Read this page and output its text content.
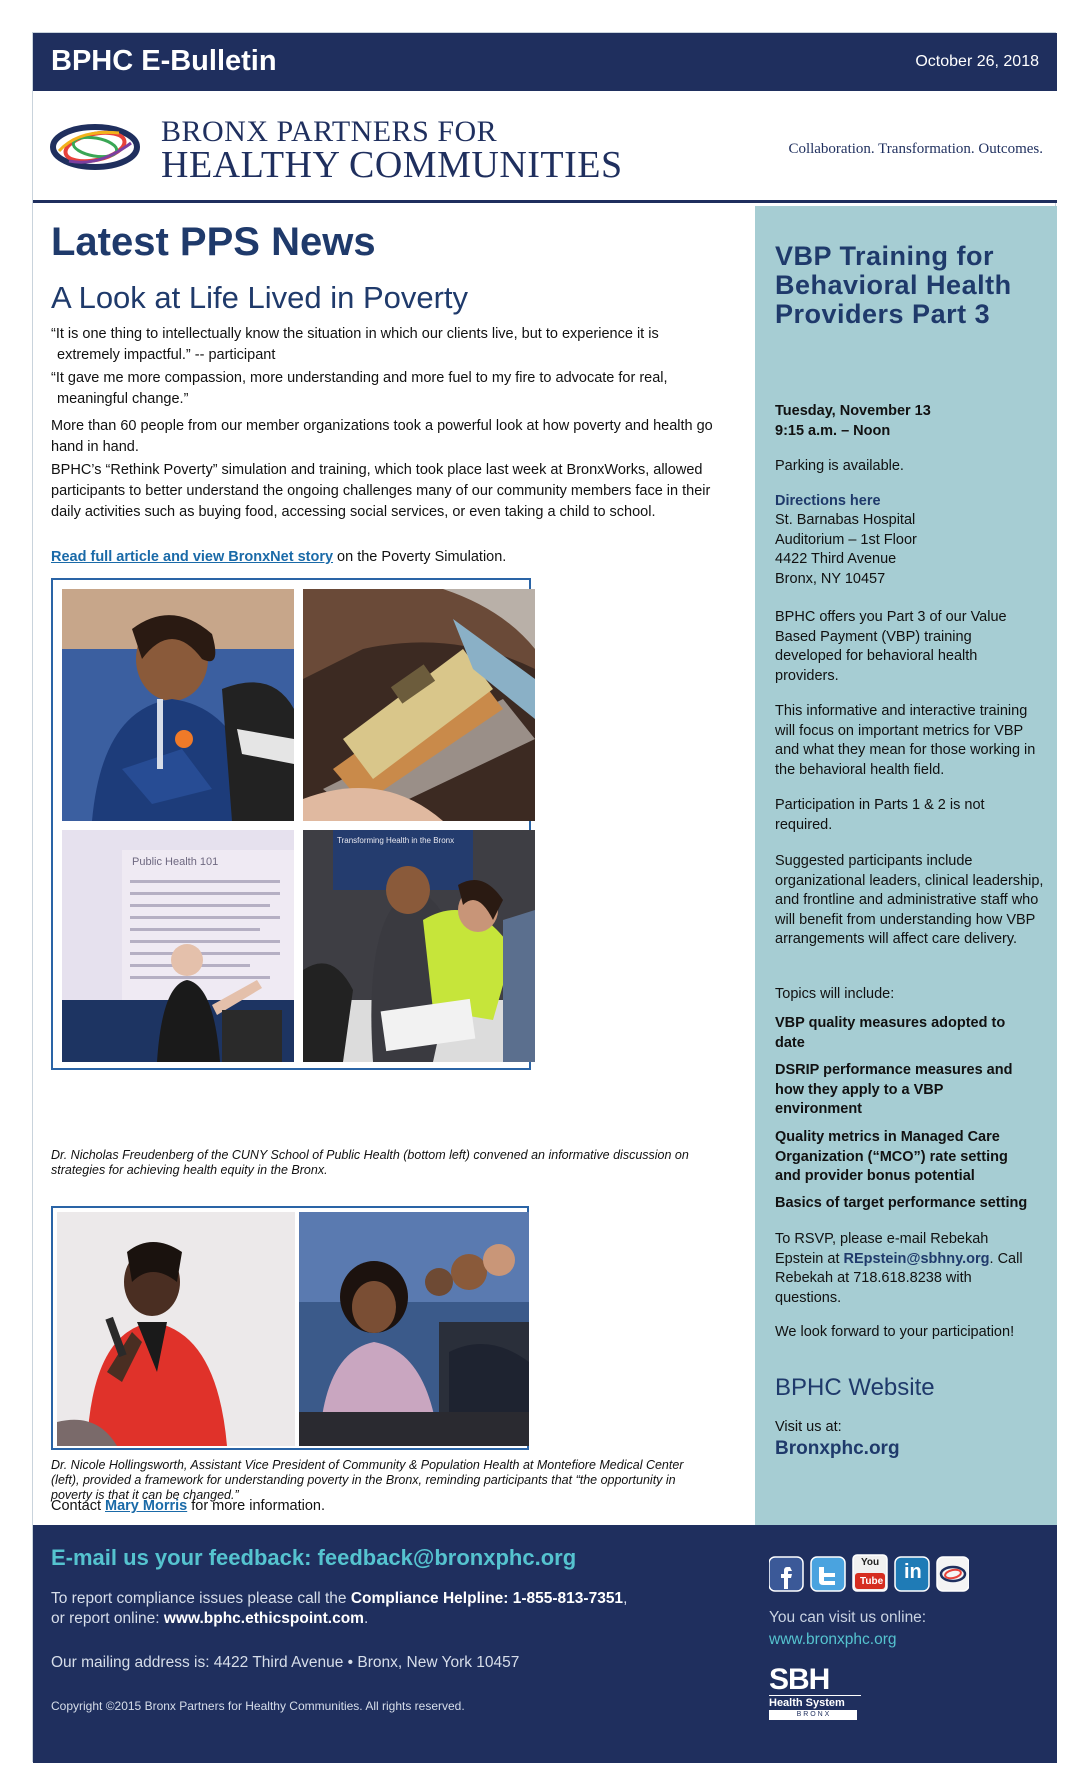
BPHC E-Bulletin	October 26, 2018
BRONX PARTNERS FOR
HEALTHY COMMUNITIES	Collaboration. Transformation. Outcomes.
Latest PPS News
A Look at Life Lived in Poverty
“It is one thing to intellectually know the situation in which our clients live, but to experience it is
extremely impactful.” -- participant
“It gave me more compassion, more understanding and more fuel to my fire to advocate for real,
meaningful change.”
More than 60 people from our member organizations took a powerful look at how poverty and health go hand in hand.
BPHC’s “Rethink Poverty” simulation and training, which took place last week at BronxWorks, allowed participants to better understand the ongoing challenges many of our community members face in their daily activities such as buying food, accessing social services, or even taking a child to school.
Read full article and view BronxNet story on the Poverty Simulation.
Public Health 101
Transforming Health in the Bronx
Dr. Nicholas Freudenberg of the CUNY School of Public Health (bottom left) convened an informative discussion on strategies for achieving health equity in the Bronx.
Dr. Nicole Hollingsworth, Assistant Vice President of Community & Population Health at Montefiore Medical Center (left), provided a framework for understanding poverty in the Bronx, reminding participants that “the opportunity in poverty is that it can be changed.”
Contact Mary Morris for more information.
VBP Training for Behavioral Health Providers Part 3
Tuesday, November 13
9:15 a.m. – Noon
Parking is available.
Directions here
St. Barnabas Hospital
Auditorium – 1st Floor
4422 Third Avenue
Bronx, NY 10457
BPHC offers you Part 3 of our Value Based Payment (VBP) training developed for behavioral health providers.
This informative and interactive training will focus on important metrics for VBP and what they mean for those working in the behavioral health field.
Participation in Parts 1 & 2 is not required.
Suggested participants include organizational leaders, clinical leadership, and frontline and administrative staff who will benefit from understanding how VBP arrangements will affect care delivery.
Topics will include:
VBP quality measures adopted to date
DSRIP performance measures and how they apply to a VBP environment
Quality metrics in Managed Care Organization (“MCO”) rate setting and provider bonus potential
Basics of target performance setting
To RSVP, please e-mail Rebekah Epstein at REpstein@sbhny.org. Call Rebekah at 718.618.8238 with questions.
We look forward to your participation!
BPHC Website
Visit us at:
Bronxphc.org
E-mail us your feedback: feedback@bronxphc.org
To report compliance issues please call the Compliance Helpline: 1-855-813-7351,
or report online: www.bphc.ethicspoint.com.
Our mailing address is: 4422 Third Avenue • Bronx, New York 10457
Copyright ©2015 Bronx Partners for Healthy Communities. All rights reserved.
You
Tube in
You can visit us online:
www.bronxphc.org
SBH
Health System
B R O N X
